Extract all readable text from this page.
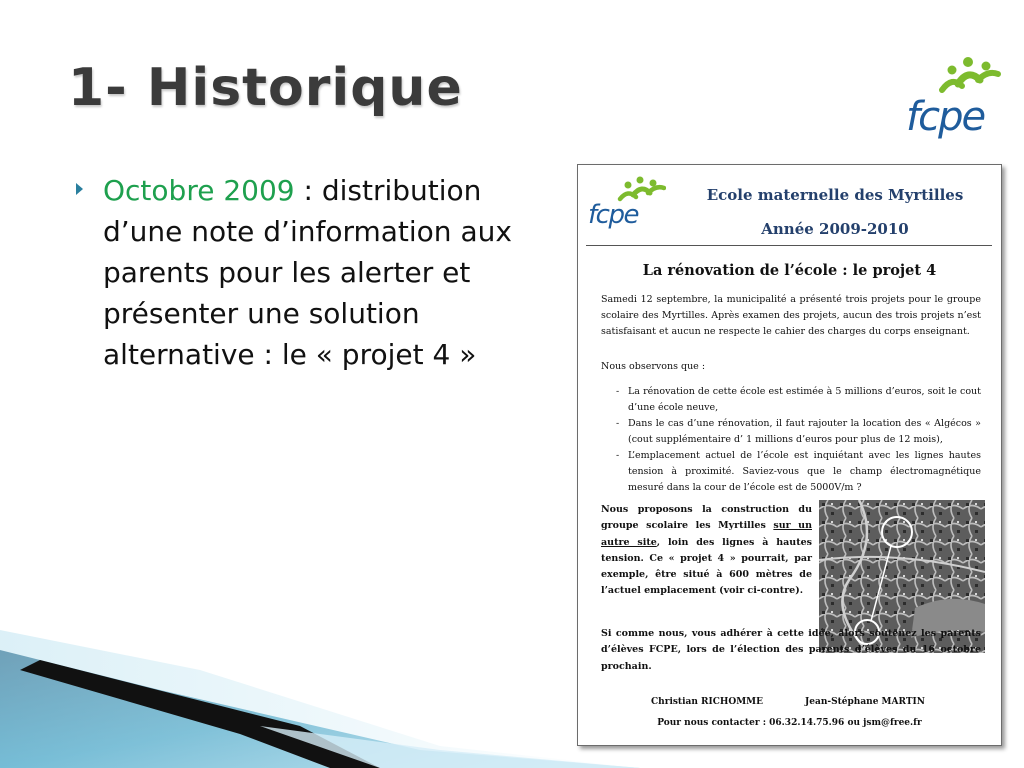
1- Historique	fcpe
Octobre 2009 : distribution d’une note d’information aux parents pour les alerter et présenter une solution alternative : le « projet 4 »
fcpe
Ecole maternelle des Myrtilles
Année 2009-2010
La rénovation de l’école : le projet 4
Samedi 12 septembre, la municipalité a présenté trois projets pour le groupe scolaire des Myrtilles. Après examen des projets, aucun des trois projets n’est satisfaisant et aucun ne respecte le cahier des charges du corps enseignant.
Nous observons que :
- La rénovation de cette école est estimée à 5 millions d’euros, soit le cout d’une école neuve,
- Dans le cas d’une rénovation, il faut rajouter la location des « Algécos » (cout supplémentaire d’ 1 millions d’euros pour plus de 12 mois),
- L’emplacement actuel de l’école est inquiétant avec les lignes hautes tension à proximité. Saviez-vous que le champ électromagnétique mesuré dans la cour de l’école est de 5000V/m ?
Nous proposons la construction du groupe scolaire les Myrtilles sur un autre site, loin des lignes à hautes tension. Ce « projet 4 » pourrait, par exemple, être situé à 600 mètres de l’actuel emplacement (voir ci-contre).
Si comme nous, vous adhérer à cette idée, alors soutenez les parents d’élèves FCPE, lors de l’élection des parents d’élèves du 16 octobre prochain.
Christian RICHOMME	Jean-Stéphane MARTIN
Pour nous contacter : 06.32.14.75.96 ou jsm@free.fr
